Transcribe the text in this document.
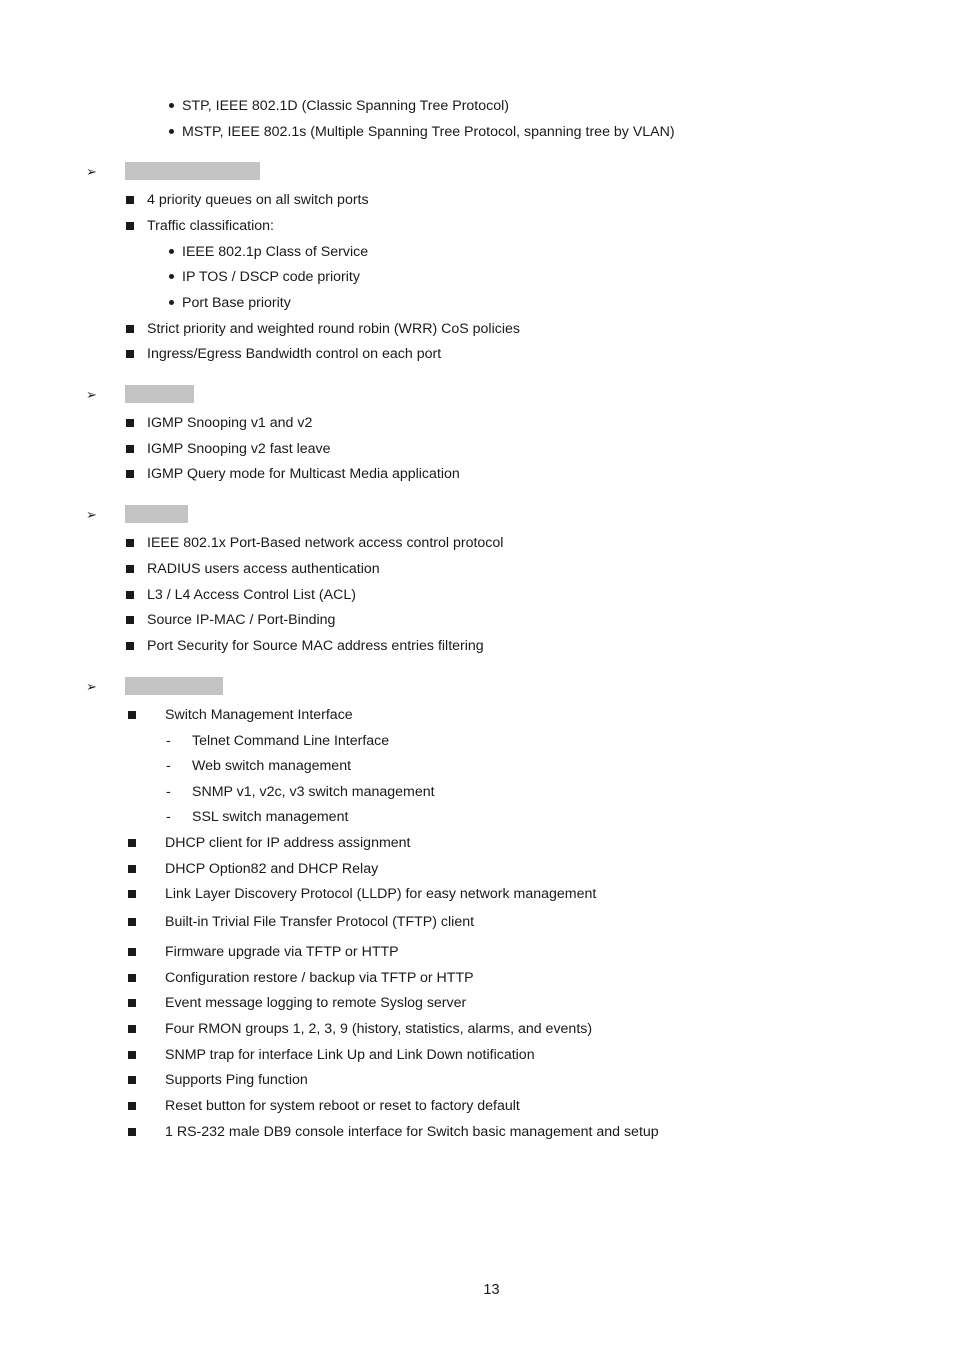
STP, IEEE 802.1D (Classic Spanning Tree Protocol)
MSTP, IEEE 802.1s (Multiple Spanning Tree Protocol, spanning tree by VLAN)
➢
4 priority queues on all switch ports
Traffic classification:
IEEE 802.1p Class of Service
IP TOS / DSCP code priority
Port Base priority
Strict priority and weighted round robin (WRR) CoS policies
Ingress/Egress Bandwidth control on each port
➢
IGMP Snooping v1 and v2
IGMP Snooping v2 fast leave
IGMP Query mode for Multicast Media application
➢
IEEE 802.1x Port-Based network access control protocol
RADIUS users access authentication
L3 / L4 Access Control List (ACL)
Source IP-MAC / Port-Binding
Port Security for Source MAC address entries filtering
➢
Switch Management Interface
- Telnet Command Line Interface
- Web switch management
- SNMP v1, v2c, v3 switch management
- SSL switch management
DHCP client for IP address assignment
DHCP Option82 and DHCP Relay
Link Layer Discovery Protocol (LLDP) for easy network management
Built-in Trivial File Transfer Protocol (TFTP) client
Firmware upgrade via TFTP or HTTP
Configuration restore / backup via TFTP or HTTP
Event message logging to remote Syslog server
Four RMON groups 1, 2, 3, 9 (history, statistics, alarms, and events)
SNMP trap for interface Link Up and Link Down notification
Supports Ping function
Reset button for system reboot or reset to factory default
1 RS-232 male DB9 console interface for Switch basic management and setup
13
